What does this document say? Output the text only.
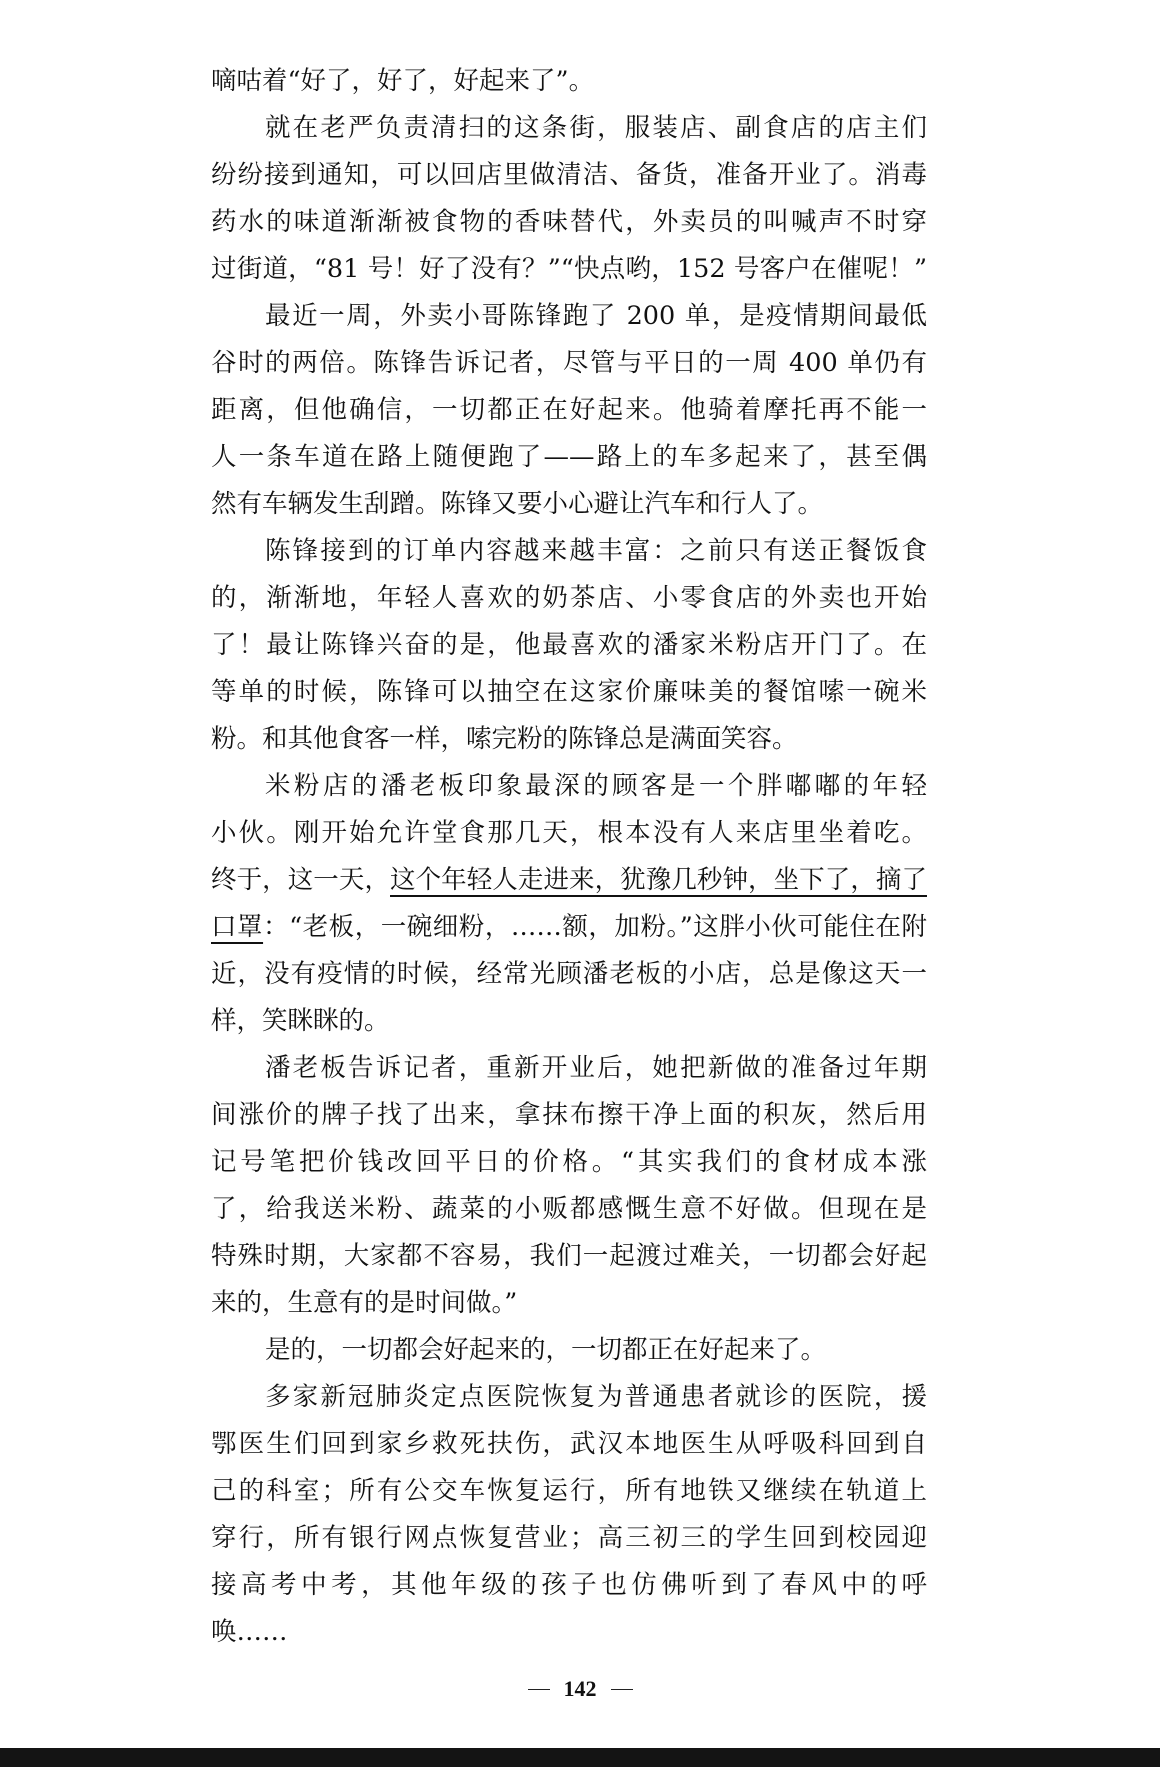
嘀咕着“好了，好了，好起来了”。
就在老严负责清扫的这条街，服装店、副食店的店主们
纷纷接到通知，可以回店里做清洁、备货，准备开业了。消毒
药水的味道渐渐被食物的香味替代，外卖员的叫喊声不时穿
过街道，“81 号！好了没有？”“快点哟，152 号客户在催呢！”
最近一周，外卖小哥陈锋跑了 200 单，是疫情期间最低
谷时的两倍。陈锋告诉记者，尽管与平日的一周 400 单仍有
距离，但他确信，一切都正在好起来。他骑着摩托再不能一
人一条车道在路上随便跑了——路上的车多起来了，甚至偶
然有车辆发生刮蹭。陈锋又要小心避让汽车和行人了。
陈锋接到的订单内容越来越丰富：之前只有送正餐饭食
的，渐渐地，年轻人喜欢的奶茶店、小零食店的外卖也开始
了！最让陈锋兴奋的是，他最喜欢的潘家米粉店开门了。在
等单的时候，陈锋可以抽空在这家价廉味美的餐馆嗦一碗米
粉。和其他食客一样，嗦完粉的陈锋总是满面笑容。
米粉店的潘老板印象最深的顾客是一个胖嘟嘟的年轻
小伙。刚开始允许堂食那几天，根本没有人来店里坐着吃。
终于，这一天，这个年轻人走进来，犹豫几秒钟，坐下了，摘了
口罩：“老板，一碗细粉，……额，加粉。”这胖小伙可能住在附
近，没有疫情的时候，经常光顾潘老板的小店，总是像这天一
样，笑眯眯的。
潘老板告诉记者，重新开业后，她把新做的准备过年期
间涨价的牌子找了出来，拿抹布擦干净上面的积灰，然后用
记号笔把价钱改回平日的价格。“其实我们的食材成本涨
了，给我送米粉、蔬菜的小贩都感慨生意不好做。但现在是
特殊时期，大家都不容易，我们一起渡过难关，一切都会好起
来的，生意有的是时间做。”
是的，一切都会好起来的，一切都正在好起来了。
多家新冠肺炎定点医院恢复为普通患者就诊的医院，援
鄂医生们回到家乡救死扶伤，武汉本地医生从呼吸科回到自
己的科室；所有公交车恢复运行，所有地铁又继续在轨道上
穿行，所有银行网点恢复营业；高三初三的学生回到校园迎
接高考中考，其他年级的孩子也仿佛听到了春风中的呼
唤……
142
